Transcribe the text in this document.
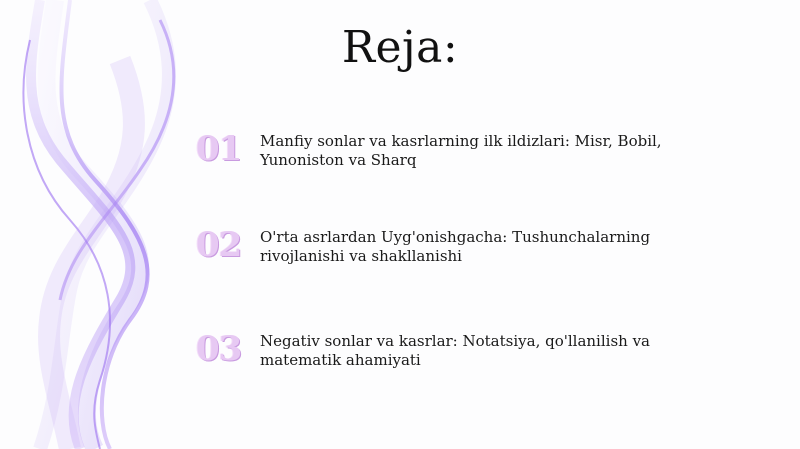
Reja:
01	Manfiy sonlar va kasrlarning ilk ildizlari: Misr, Bobil, Yunoniston va Sharq
02	O'rta asrlardan Uyg'onishgacha: Tushunchalarning rivojlanishi va shakllanishi
03	Negativ sonlar va kasrlar: Notatsiya, qo'llanilish va matematik ahamiyati
